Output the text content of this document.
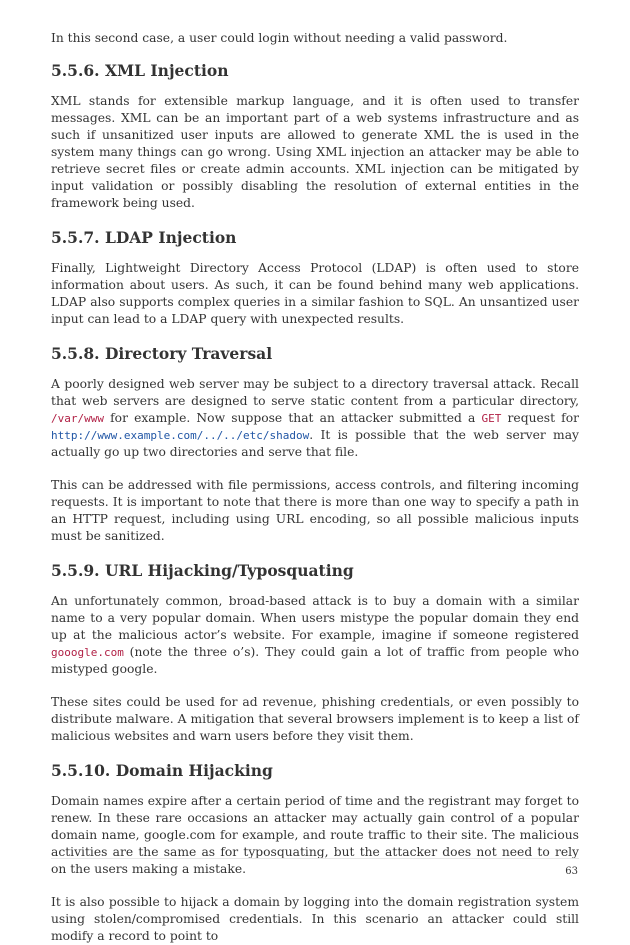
In this second case, a user could login without needing a valid password.

5.5.6. XML Injection

XML stands for extensible markup language, and it is often used to transfer messages. XML can be an important part of a web systems infrastructure and as such if unsanitized user inputs are allowed to generate XML the is used in the system many things can go wrong. Using XML injection an attacker may be able to retrieve secret files or create admin accounts. XML injection can be mitigated by input validation or possibly disabling the resolution of external entities in the framework being used.

5.5.7. LDAP Injection

Finally, Lightweight Directory Access Protocol (LDAP) is often used to store information about users. As such, it can be found behind many web applications. LDAP also supports complex queries in a similar fashion to SQL. An unsantized user input can lead to a LDAP query with unexpected results.

5.5.8. Directory Traversal

A poorly designed web server may be subject to a directory traversal attack. Recall that web servers are designed to serve static content from a particular directory, /var/www for example. Now suppose that an attacker submitted a GET request for http://www.example.com/../../etc/shadow. It is possible that the web server may actually go up two directories and serve that file.

This can be addressed with file permissions, access controls, and filtering incoming requests. It is important to note that there is more than one way to specify a path in an HTTP request, including using URL encoding, so all possible malicious inputs must be sanitized.

5.5.9. URL Hijacking/Typosquating

An unfortunately common, broad-based attack is to buy a domain with a similar name to a very popular domain. When users mistype the popular domain they end up at the malicious actor’s website. For example, imagine if someone registered gooogle.com (note the three o’s). They could gain a lot of traffic from people who mistyped google.

These sites could be used for ad revenue, phishing credentials, or even possibly to distribute malware. A mitigation that several browsers implement is to keep a list of malicious websites and warn users before they visit them.

5.5.10. Domain Hijacking

Domain names expire after a certain period of time and the registrant may forget to renew. In these rare occasions an attacker may actually gain control of a popular domain name, google.com for example, and route traffic to their site. The malicious activities are the same as for typosquating, but the attacker does not need to rely on the users making a mistake.

It is also possible to hijack a domain by logging into the domain registration system using stolen/compromised credentials. In this scenario an attacker could still modify a record to point to

63
